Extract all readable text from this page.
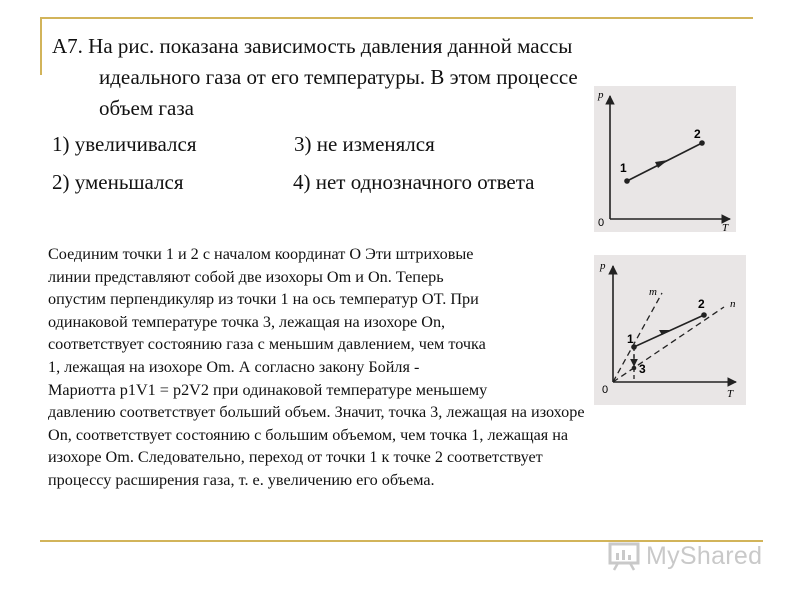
А7. На рис. показана зависимость давления данной массы
идеального газа от его температуры. В этом процессе
объем газа
1) увеличивался	3) не изменялся
2) уменьшался	4) нет однозначного ответа
p
T
0
1
2
p
T
0
1
2
3
m
n
Соединим точки 1 и 2 с началом координат O Эти штриховые
линии представляют собой две изохоры Om и On. Теперь
опустим перпендикуляр из точки 1 на ось температур OT. При
одинаковой температуре точка 3, лежащая на изохоре On,
соответствует состоянию газа с меньшим давлением, чем точка
1, лежащая на изохоре Om. А согласно закону Бойля -
Мариотта p1V1 = p2V2 при одинаковой температуре меньшему
давлению соответствует больший объем. Значит, точка 3, лежащая на изохоре
On, соответствует состоянию с большим объемом, чем точка 1, лежащая на
изохоре Om. Следовательно, переход от точки 1 к точке 2 соответствует
процессу расширения газа, т. е. увеличению его объема.
MyShared
